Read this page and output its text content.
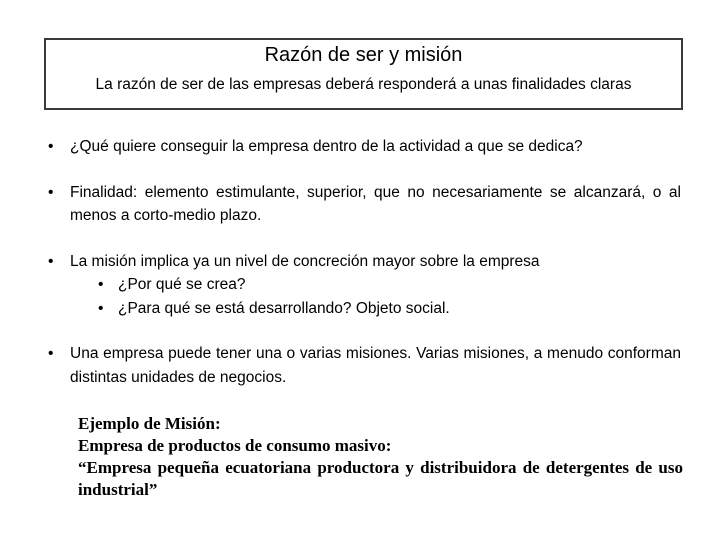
Razón de ser y misión
La razón de ser de las empresas deberá responderá a unas finalidades claras
• ¿Qué quiere conseguir la empresa dentro de la actividad a que se dedica?
• Finalidad: elemento estimulante, superior, que no necesariamente se alcanzará, o al menos a corto-medio plazo.
• La misión implica ya un nivel de concreción mayor sobre la empresa
• ¿Por qué se crea?
• ¿Para qué se está desarrollando? Objeto social.
• Una empresa puede tener una o varias misiones. Varias misiones, a menudo conforman distintas unidades de negocios.
Ejemplo de Misión:
Empresa de productos de consumo masivo:
“Empresa pequeña ecuatoriana productora y distribuidora de detergentes de uso industrial”
